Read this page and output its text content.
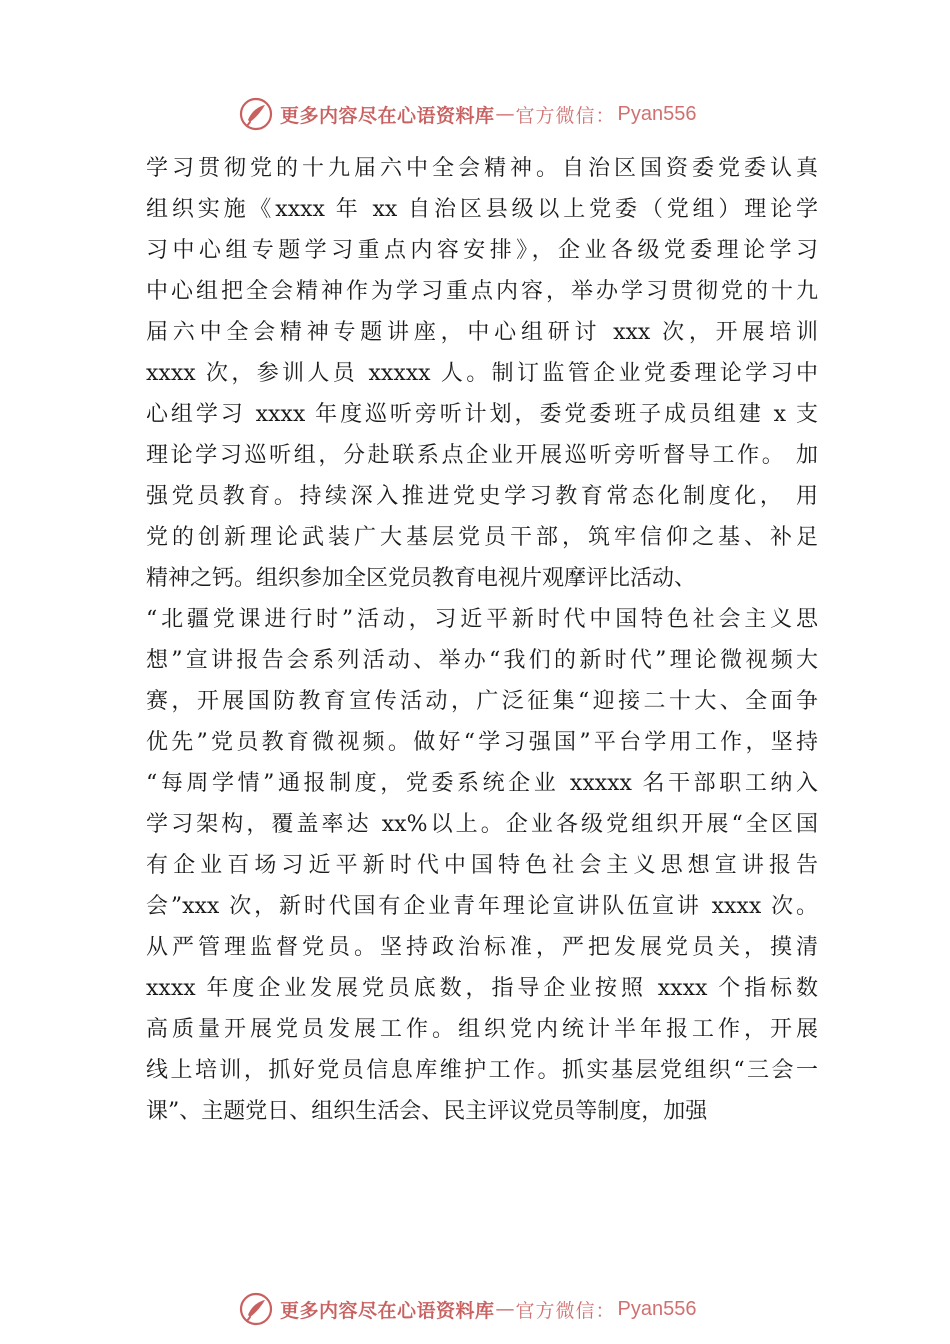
更多内容尽在心语资料库 — 官方微信： Pyan556
学习贯彻党的十九届六中全会精神。自治区国资委党委认真
组织实施《xxxx 年 xx 自治区县级以上党委（党组）理论学
习中心组专题学习重点内容安排》，企业各级党委理论学习
中心组把全会精神作为学习重点内容，举办学习贯彻党的十九
届六中全会精神专题讲座，中心组研讨 xxx 次，开展培训
xxxx 次，参训人员 xxxxx 人。制订监管企业党委理论学习中
心组学习 xxxx 年度巡听旁听计划，委党委班子成员组建 x 支
理论学习巡听组，分赴联系点企业开展巡听旁听督导工作。 加
强党员教育。持续深入推进党史学习教育常态化制度化， 用
党的创新理论武装广大基层党员干部，筑牢信仰之基、补足
精神之钙。组织参加全区党员教育电视片观摩评比活动、
“北疆党课进行时”活动，习近平新时代中国特色社会主义思
想”宣讲报告会系列活动、举办“我们的新时代”理论微视频大
赛，开展国防教育宣传活动，广泛征集“迎接二十大、全面争
优先”党员教育微视频。做好“学习强国”平台学用工作，坚持
“每周学情”通报制度，党委系统企业 xxxxx 名干部职工纳入
学习架构，覆盖率达 xx%以上。企业各级党组织开展“全区国
有企业百场习近平新时代中国特色社会主义思想宣讲报告
会”xxx 次，新时代国有企业青年理论宣讲队伍宣讲 xxxx 次。
从严管理监督党员。坚持政治标准，严把发展党员关，摸清
xxxx 年度企业发展党员底数，指导企业按照 xxxx 个指标数
高质量开展党员发展工作。组织党内统计半年报工作，开展
线上培训，抓好党员信息库维护工作。抓实基层党组织“三会一
课”、主题党日、组织生活会、民主评议党员等制度，加强
更多内容尽在心语资料库 — 官方微信： Pyan556
